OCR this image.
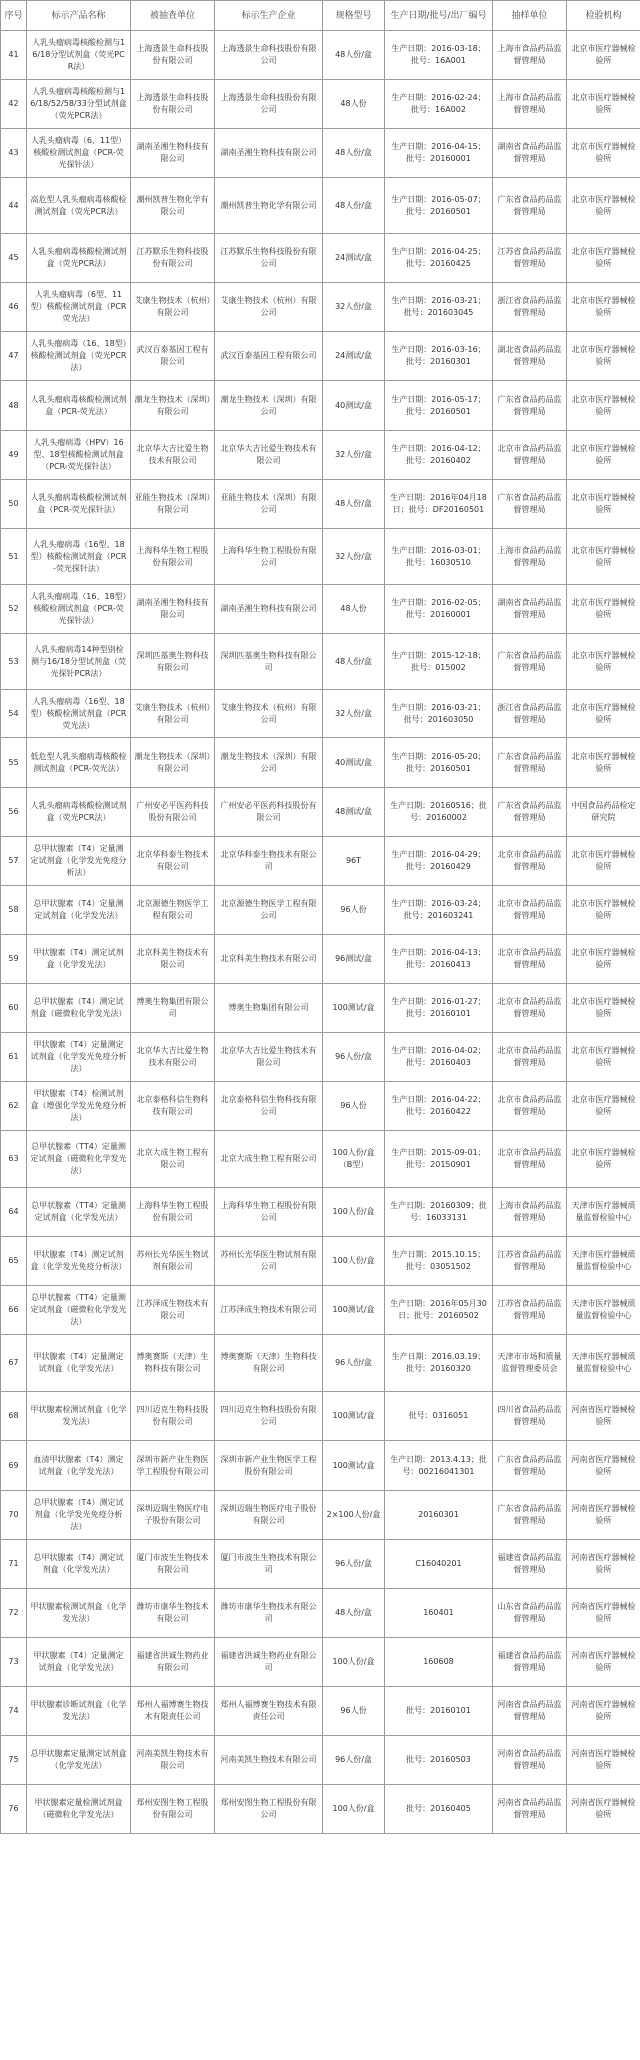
序号	标示产品名称	被抽查单位	标示生产企业	规格型号	生产日期/批号/出厂编号	抽样单位	检验机构
41	人乳头瘤病毒核酸检测与16/18分型试剂盒（荧光PCR法）	上海透景生命科技股份有限公司	上海透景生命科技股份有限公司	48人份/盒	生产日期：2016-03-18；批号：16A001	上海市食品药品监督管理局	北京市医疗器械检验所
42	人乳头瘤病毒核酸检测与16/18/52/58/33分型试剂盒（荧光PCR法）	上海透景生命科技股份有限公司	上海透景生命科技股份有限公司	48人份	生产日期：2016-02-24；批号：16A002	上海市食品药品监督管理局	北京市医疗器械检验所
43	人乳头瘤病毒（6、11型）核酸检测试剂盒（PCR-荧光探针法）	湖南圣湘生物科技有限公司	湖南圣湘生物科技有限公司	48人份/盒	生产日期：2016-04-15；批号：20160001	湖南省食品药品监督管理局	北京市医疗器械检验所
44	高危型人乳头瘤病毒核酸检测试剂盒（荧光PCR法）	潮州凯普生物化学有限公司	潮州凯普生物化学有限公司	48人份/盒	生产日期：2016-05-07；批号：20160501	广东省食品药品监督管理局	北京市医疗器械检验所
45	人乳头瘤病毒核酸检测试剂盒（荧光PCR法）	江苏默乐生物科技股份有限公司	江苏默乐生物科技股份有限公司	24测试/盒	生产日期：2016-04-25；批号：20160425	江苏省食品药品监督管理局	北京市医疗器械检验所
46	人乳头瘤病毒（6型、11型）核酸检测试剂盒（PCR荧光法）	艾康生物技术（杭州）有限公司	艾康生物技术（杭州）有限公司	32人份/盒	生产日期：2016-03-21；批号：201603045	浙江省食品药品监督管理局	北京市医疗器械检验所
47	人乳头瘤病毒（16、18型）核酸检测试剂盒（荧光PCR法）	武汉百泰基因工程有限公司	武汉百泰基因工程有限公司	24测试/盒	生产日期：2016-03-16；批号：20160301	湖北省食品药品监督管理局	北京市医疗器械检验所
48	人乳头瘤病毒核酸检测试剂盒（PCR-荧光法）	潮龙生物技术（深圳）有限公司	潮龙生物技术（深圳）有限公司	40测试/盒	生产日期：2016-05-17；批号：20160501	广东省食品药品监督管理局	北京市医疗器械检验所
49	人乳头瘤病毒（HPV）16型、18型核酸检测试剂盒（PCR-荧光探针法）	北京华大吉比爱生物技术有限公司	北京华大吉比爱生物技术有限公司	32人份/盒	生产日期：2016-04-12；批号：20160402	北京市食品药品监督管理局	北京市医疗器械检验所
50	人乳头瘤病毒核酸检测试剂盒（PCR-荧光探针法）	亚能生物技术（深圳）有限公司	亚能生物技术（深圳）有限公司	48人份/盒	生产日期：2016年04月18日；批号：DF20160501	广东省食品药品监督管理局	北京市医疗器械检验所
51	人乳头瘤病毒（16型、18型）核酸检测试剂盒（PCR-荧光探针法）	上海科华生物工程股份有限公司	上海科华生物工程股份有限公司	32人份/盒	生产日期：2016-03-01；批号：16030510	上海市食品药品监督管理局	北京市医疗器械检验所
52	人乳头瘤病毒（16、18型）核酸检测试剂盒（PCR-荧光探针法）	湖南圣湘生物科技有限公司	湖南圣湘生物科技有限公司	48人份	生产日期：2016-02-05；批号：20160001	湖南省食品药品监督管理局	北京市医疗器械检验所
53	人乳头瘤病毒14种型别检测与16/18分型试剂盒（荧光探针PCR法）	深圳匹基奥生物科技有限公司	深圳匹基奥生物科技有限公司	48人份/盒	生产日期：2015-12-18；批号：015002	广东省食品药品监督管理局	北京市医疗器械检验所
54	人乳头瘤病毒（16型、18型）核酸检测试剂盒（PCR荧光法）	艾康生物技术（杭州）有限公司	艾康生物技术（杭州）有限公司	32人份/盒	生产日期：2016-03-21；批号：201603050	浙江省食品药品监督管理局	北京市医疗器械检验所
55	低危型人乳头瘤病毒核酸检测试剂盒（PCR-荧光法）	潮龙生物技术（深圳）有限公司	潮龙生物技术（深圳）有限公司	40测试/盒	生产日期：2016-05-20；批号：20160501	广东省食品药品监督管理局	北京市医疗器械检验所
56	人乳头瘤病毒核酸检测试剂盒（荧光PCR法）	广州安必平医药科技股份有限公司	广州安必平医药科技股份有限公司	48测试/盒	生产日期：20160516；批号：20160002	广东省食品药品监督管理局	中国食品药品检定研究院
57	总甲状腺素（T4）定量测定试剂盒（化学发光免疫分析法）	北京华科泰生物技术有限公司	北京华科泰生物技术有限公司	96T	生产日期：2016-04-29；批号：20160429	北京市食品药品监督管理局	北京市医疗器械检验所
58	总甲状腺素（T4）定量测定试剂盒（化学发光法）	北京源德生物医学工程有限公司	北京源德生物医学工程有限公司	96人份	生产日期：2016-03-24；批号：201603241	北京市食品药品监督管理局	北京市医疗器械检验所
59	甲状腺素（T4）测定试剂盒（化学发光法）	北京科美生物技术有限公司	北京科美生物技术有限公司	96测试/盒	生产日期：2016-04-13；批号：20160413	北京市食品药品监督管理局	北京市医疗器械检验所
60	总甲状腺素（T4）测定试剂盒（磁微粒化学发光法）	博奥生物集团有限公司	博奥生物集团有限公司	100测试/盒	生产日期：2016-01-27；批号：20160101	北京市食品药品监督管理局	北京市医疗器械检验所
61	甲状腺素（T4）定量测定试剂盒（化学发光免疫分析法）	北京华大吉比爱生物技术有限公司	北京华大吉比爱生物技术有限公司	96人份/盒	生产日期：2016-04-02；批号：20160403	北京市食品药品监督管理局	北京市医疗器械检验所
62	甲状腺素（T4）检测试剂盒（增强化学发光免疫分析法）	北京泰格科信生物科技有限公司	北京泰格科信生物科技有限公司	96人份	生产日期：2016-04-22；批号：20160422	北京市食品药品监督管理局	北京市医疗器械检验所
63	总甲状腺素（TT4）定量测定试剂盒（磁微粒化学发光法）	北京大成生物工程有限公司	北京大成生物工程有限公司	100人份/盒（B型）	生产日期：2015-09-01；批号：20150901	北京市食品药品监督管理局	北京市医疗器械检验所
64	总甲状腺素（TT4）定量测定试剂盒（化学发光法）	上海科华生物工程股份有限公司	上海科华生物工程股份有限公司	100人份/盒	生产日期：20160309；批号：16033131	上海市食品药品监督管理局	天津市医疗器械质量监督检验中心
65	甲状腺素（T4）测定试剂盒（化学发光免疫分析法）	苏州长光华医生物试剂有限公司	苏州长光华医生物试剂有限公司	100人份/盒	生产日期：2015.10.15；批号：03051502	江苏省食品药品监督管理局	天津市医疗器械质量监督检验中心
66	总甲状腺素（TT4）定量测定试剂盒（磁微粒化学发光法）	江苏泽成生物技术有限公司	江苏泽成生物技术有限公司	100测试/盒	生产日期：2016年05月30日；批号：20160502	江苏省食品药品监督管理局	天津市医疗器械质量监督检验中心
67	甲状腺素（T4）定量测定试剂盒（化学发光法）	博奥赛斯（天津）生物科技有限公司	博奥赛斯（天津）生物科技有限公司	96人份/盒	生产日期：2016.03.19；批号：20160320	天津市市场和质量监督管理委员会	天津市医疗器械质量监督检验中心
68	甲状腺素检测试剂盒（化学发光法）	四川迈克生物科技股份有限公司	四川迈克生物科技股份有限公司	100测试/盒	批号：0316051	四川省食品药品监督管理局	河南省医疗器械检验所
69	血清甲状腺素（T4）测定试剂盒（化学发光法）	深圳市新产业生物医学工程股份有限公司	深圳市新产业生物医学工程股份有限公司	100测试/盒	生产日期：2013.4.13；批号：00216041301	广东省食品药品监督管理局	河南省医疗器械检验所
70	总甲状腺素（T4）测定试剂盒（化学发光免疫分析法）	深圳迈瑞生物医疗电子股份有限公司	深圳迈瑞生物医疗电子股份有限公司	2×100人份/盒	20160301	广东省食品药品监督管理局	河南省医疗器械检验所
71	总甲状腺素（T4）测定试剂盒（化学发光法）	厦门市波生生物技术有限公司	厦门市波生生物技术有限公司	96人份/盒	C16040201	福建省食品药品监督管理局	河南省医疗器械检验所
72	甲状腺素检测试剂盒（化学发光法）	潍坊市康华生物技术有限公司	潍坊市康华生物技术有限公司	48人份/盒	160401	山东省食品药品监督管理局	河南省医疗器械检验所
73	甲状腺素（T4）定量测定试剂盒（化学发光法）	福建省洪诚生物药业有限公司	福建省洪诚生物药业有限公司	100人份/盒	160608	福建省食品药品监督管理局	河南省医疗器械检验所
74	甲状腺素诊断试剂盒（化学发光法）	郑州人福博赛生物技术有限责任公司	郑州人福博赛生物技术有限责任公司	96人份	批号：20160101	河南省食品药品监督管理局	河南省医疗器械检验所
75	总甲状腺素定量测定试剂盒（化学发光法）	河南美凯生物技术有限公司	河南美凯生物技术有限公司	96人份/盒	批号：20160503	河南省食品药品监督管理局	河南省医疗器械检验所
76	甲状腺素定量检测试剂盒（磁微粒化学发光法）	郑州安图生物工程股份有限公司	郑州安图生物工程股份有限公司	100人份/盒	批号：20160405	河南省食品药品监督管理局	河南省医疗器械检验所
